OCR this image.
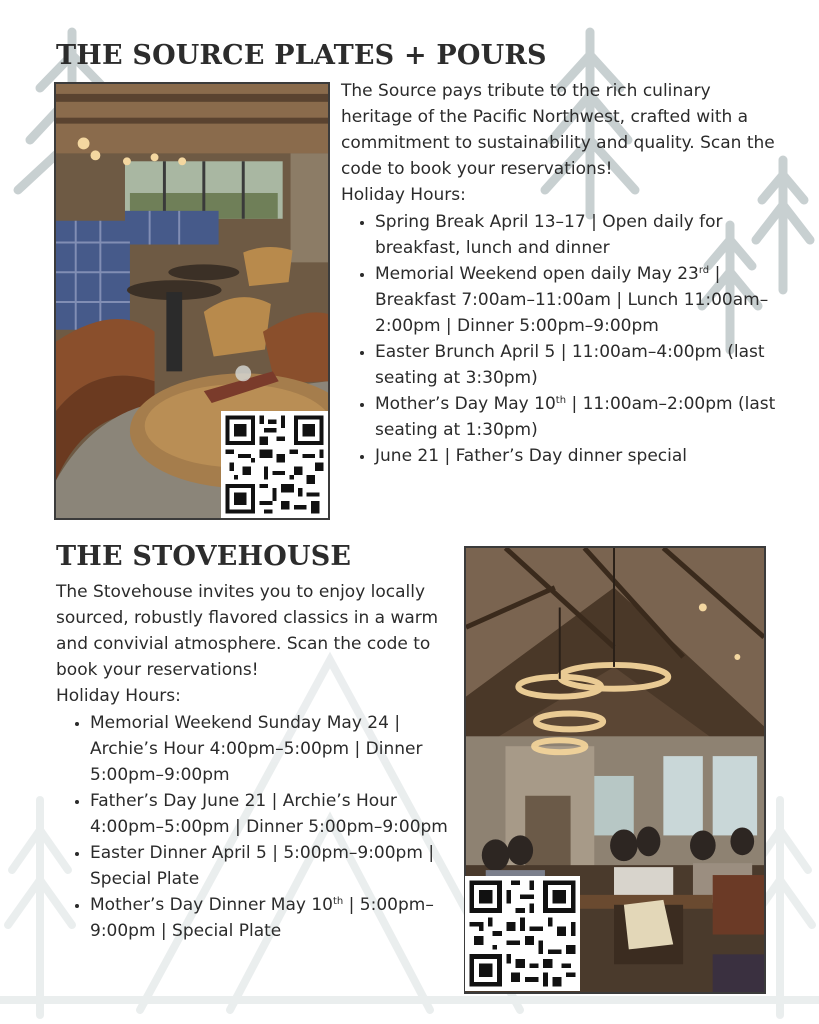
THE SOURCE PLATES + POURS

The Source pays tribute to the rich culinary heritage of the Pacific Northwest, crafted with a commitment to sustainability and quality. Scan the code to book your reservations!

Holiday Hours:

• Spring Break April 13–17 | Open daily for breakfast, lunch and dinner
• Memorial Weekend open daily May 23rd | Breakfast 7:00am–11:00am | Lunch 11:00am–2:00pm | Dinner 5:00pm–9:00pm
• Easter Brunch April 5 | 11:00am–4:00pm (last seating at 3:30pm)
• Mother’s Day May 10th | 11:00am–2:00pm (last seating at 1:30pm)
• June 21 | Father’s Day dinner special
THE STOVEHOUSE

The Stovehouse invites you to enjoy locally sourced, robustly flavored classics in a warm and convivial atmosphere. Scan the code to book your reservations!

Holiday Hours:

• Memorial Weekend Sunday May 24 | Archie’s Hour 4:00pm–5:00pm | Dinner 5:00pm–9:00pm
• Father’s Day June 21 | Archie’s Hour 4:00pm–5:00pm | Dinner 5:00pm–9:00pm
• Easter Dinner April 5 | 5:00pm–9:00pm | Special Plate
• Mother’s Day Dinner May 10th | 5:00pm–9:00pm | Special Plate
